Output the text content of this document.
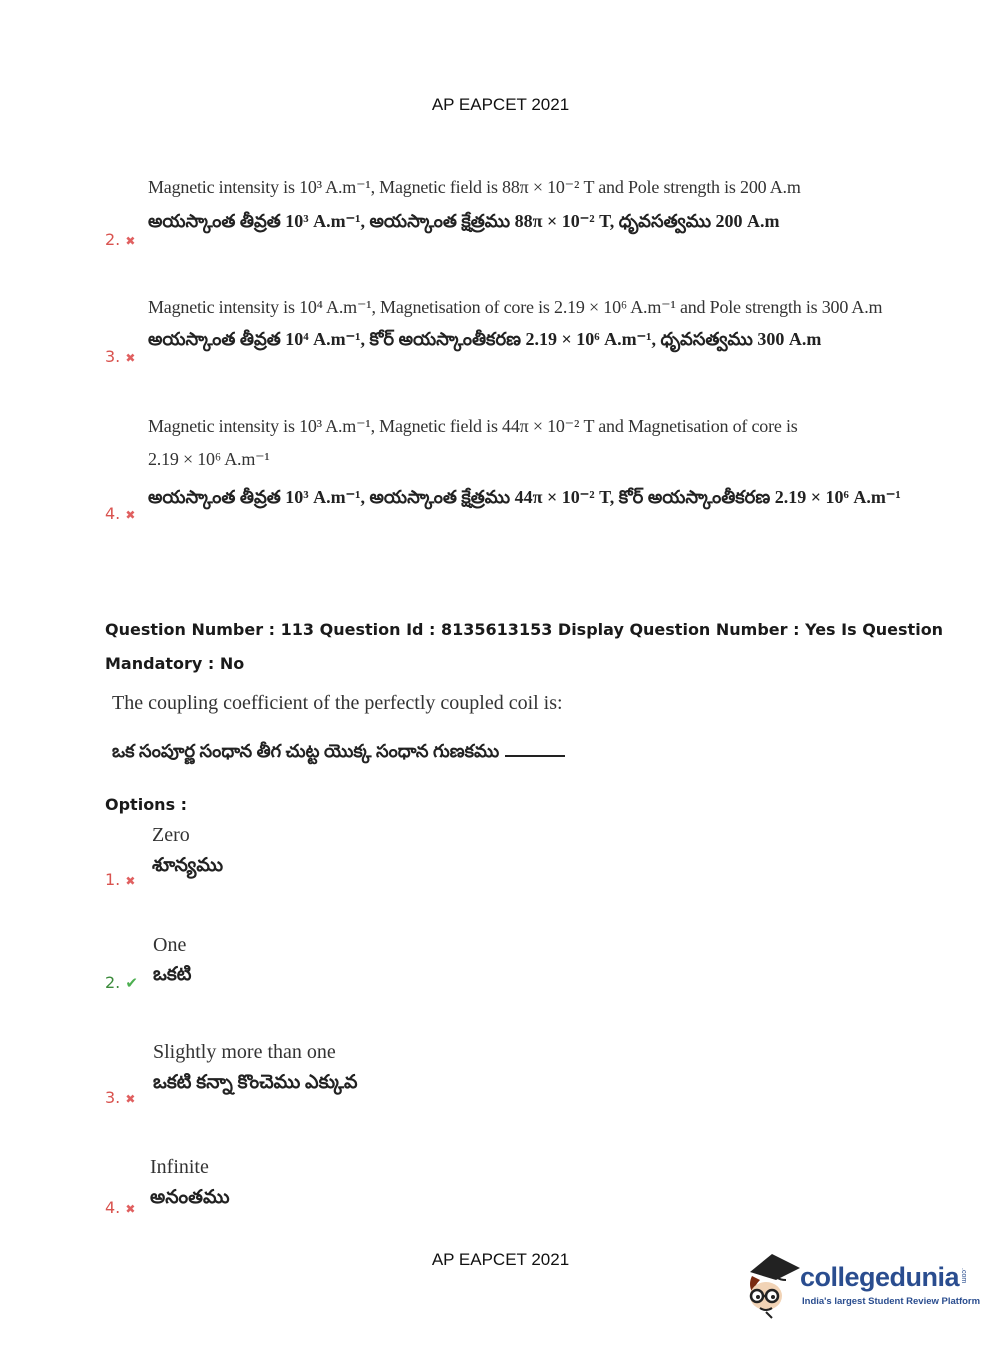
AP EAPCET 2021
Magnetic intensity is 10³ A.m⁻¹, Magnetic field is 88π × 10⁻² T and Pole strength is 200 A.m
అయస్కాంత తీవ్రత 10³ A.m⁻¹, అయస్కాంత క్షేత్రము 88π × 10⁻² T, ధృవసత్వము 200 A.m
2. ✖
Magnetic intensity is 10⁴ A.m⁻¹, Magnetisation of core is 2.19 × 10⁶ A.m⁻¹ and Pole strength is 300 A.m
అయస్కాంత తీవ్రత 10⁴ A.m⁻¹, కోర్ అయస్కాంతీకరణ 2.19 × 10⁶ A.m⁻¹, ధృవసత్వము 300 A.m
3. ✖
Magnetic intensity is 10³ A.m⁻¹, Magnetic field is 44π × 10⁻² T and Magnetisation of core is
2.19 × 10⁶ A.m⁻¹
అయస్కాంత తీవ్రత 10³ A.m⁻¹, అయస్కాంత క్షేత్రము 44π × 10⁻² T, కోర్ అయస్కాంతీకరణ 2.19 × 10⁶ A.m⁻¹
4. ✖
Question Number : 113 Question Id : 8135613153 Display Question Number : Yes Is Question
Mandatory : No
The coupling coefficient of the perfectly coupled coil is:
ఒక సంపూర్ణ సంధాన తీగ చుట్ట యొక్క సంధాన గుణకము
Options :
Zero
శూన్యము
1. ✖
One
ఒకటి
2. ✔
Slightly more than one
ఒకటి కన్నా కొంచెము ఎక్కువ
3. ✖
Infinite
అనంతము
4. ✖
AP EAPCET 2021
collegedunia .com
India's largest Student Review Platform
